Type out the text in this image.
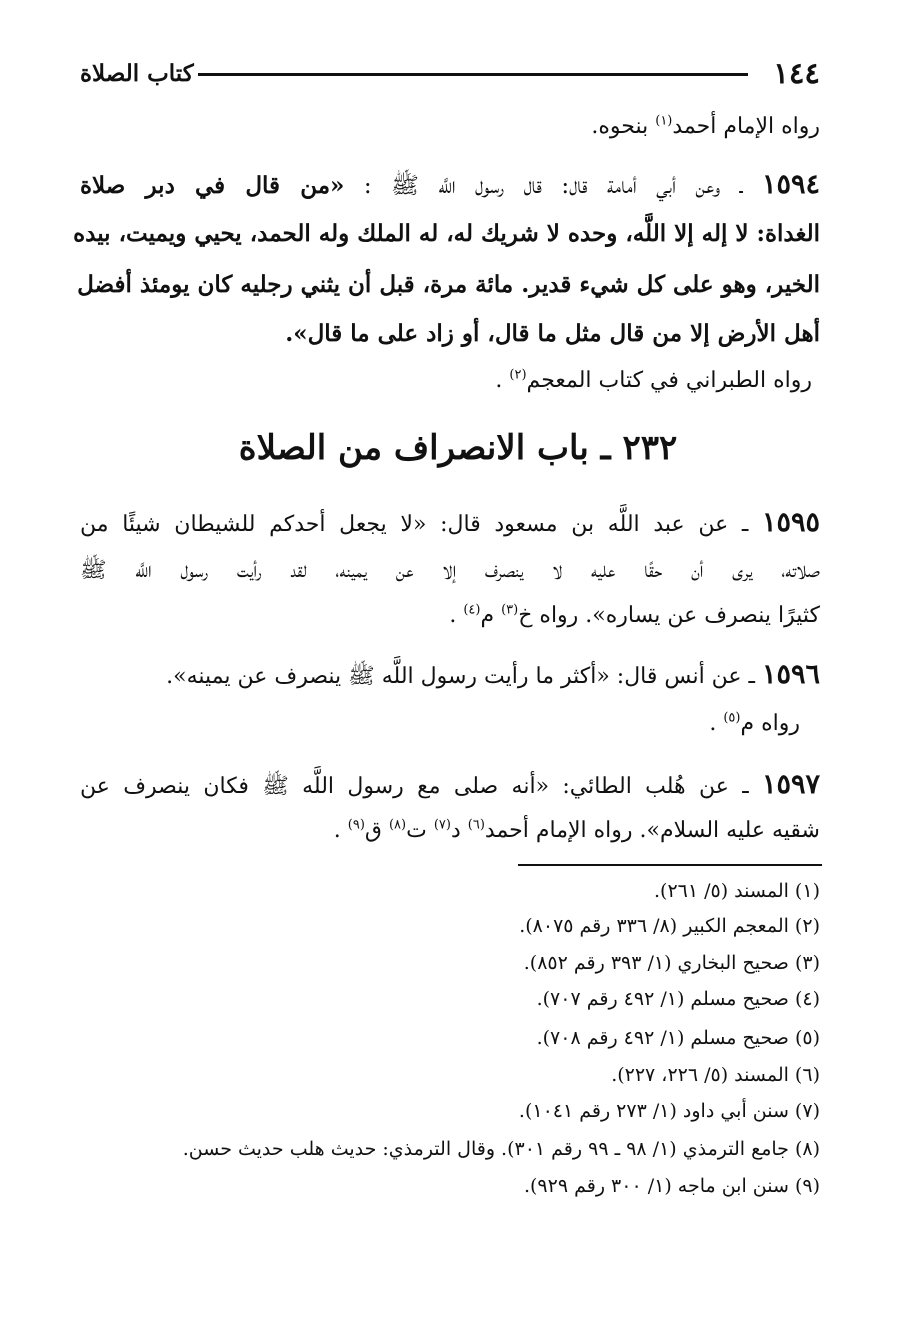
١٤٤
كتاب الصلاة
رواه الإمام أحمد$^{(١)}$ بنحوه.
١٥٩٤ ـ وعن أبي أمامة قال: قال رسول اللَّه ﷺ : «من قال في دبر صلاة
الغداة: لا إله إلا اللَّه، وحده لا شريك له، له الملك وله الحمد، يحيي ويميت، بيده
الخير، وهو على كل شيء قدير. مائة مرة، قبل أن يثني رجليه كان يومئذ أفضل
أهل الأرض إلا من قال مثل ما قال، أو زاد على ما قال».
رواه الطبراني في كتاب المعجم$^{(٢)}$ .
٢٣٢ ـ باب الانصراف من الصلاة
١٥٩٥ ـ عن عبد اللَّه بن مسعود قال: «لا يجعل أحدكم للشيطان شيئًا من
صلاته، يرى أن حقًا عليه لا ينصرف إلا عن يمينه، لقد رأيت رسول اللَّه ﷺ
كثيرًا ينصرف عن يساره». رواه خ$^{(٣)}$ م$^{(٤)}$ .
١٥٩٦ ـ عن أنس قال: «أكثر ما رأيت رسول اللَّه ﷺ ينصرف عن يمينه».
رواه م$^{(٥)}$ .
١٥٩٧ ـ عن هُلب الطائي: «أنه صلى مع رسول اللَّه ﷺ فكان ينصرف عن
شقيه عليه السلام». رواه الإمام أحمد$^{(٦)}$ د$^{(٧)}$ ت$^{(٨)}$ ق$^{(٩)}$ .
(١) المسند (٥/ ٢٦١).
(٢) المعجم الكبير (٨/ ٣٣٦ رقم ٨٠٧٥).
(٣) صحيح البخاري (١/ ٣٩٣ رقم ٨٥٢).
(٤) صحيح مسلم (١/ ٤٩٢ رقم ٧٠٧).
(٥) صحيح مسلم (١/ ٤٩٢ رقم ٧٠٨).
(٦) المسند (٥/ ٢٢٦، ٢٢٧).
(٧) سنن أبي داود (١/ ٢٧٣ رقم ١٠٤١).
(٨) جامع الترمذي (١/ ٩٨ ـ ٩٩ رقم ٣٠١). وقال الترمذي: حديث هلب حديث حسن.
(٩) سنن ابن ماجه (١/ ٣٠٠ رقم ٩٢٩).
